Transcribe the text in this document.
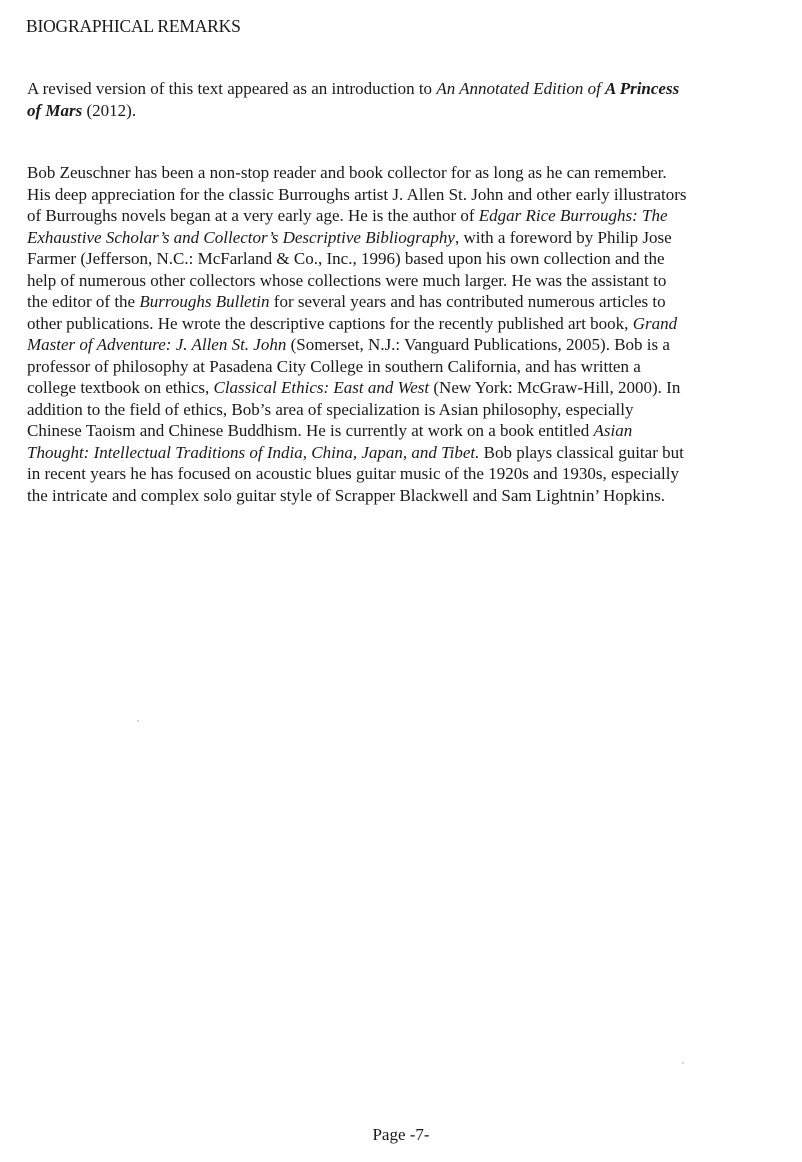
BIOGRAPHICAL REMARKS
A revised version of this text appeared as an introduction to An Annotated Edition of A Princess
of Mars (2012).
Bob Zeuschner has been a non-stop reader and book collector for as long as he can remember.
His deep appreciation for the classic Burroughs artist J. Allen St. John and other early illustrators
of Burroughs novels began at a very early age. He is the author of Edgar Rice Burroughs: The
Exhaustive Scholar’s and Collector’s Descriptive Bibliography, with a foreword by Philip Jose
Farmer (Jefferson, N.C.: McFarland & Co., Inc., 1996) based upon his own collection and the
help of numerous other collectors whose collections were much larger. He was the assistant to
the editor of the Burroughs Bulletin for several years and has contributed numerous articles to
other publications. He wrote the descriptive captions for the recently published art book, Grand
Master of Adventure: J. Allen St. John (Somerset, N.J.: Vanguard Publications, 2005). Bob is a
professor of philosophy at Pasadena City College in southern California, and has written a
college textbook on ethics, Classical Ethics: East and West (New York: McGraw-Hill, 2000). In
addition to the field of ethics, Bob’s area of specialization is Asian philosophy, especially
Chinese Taoism and Chinese Buddhism. He is currently at work on a book entitled Asian
Thought: Intellectual Traditions of India, China, Japan, and Tibet. Bob plays classical guitar but
in recent years he has focused on acoustic blues guitar music of the 1920s and 1930s, especially
the intricate and complex solo guitar style of Scrapper Blackwell and Sam Lightnin’ Hopkins.
Page -7-
